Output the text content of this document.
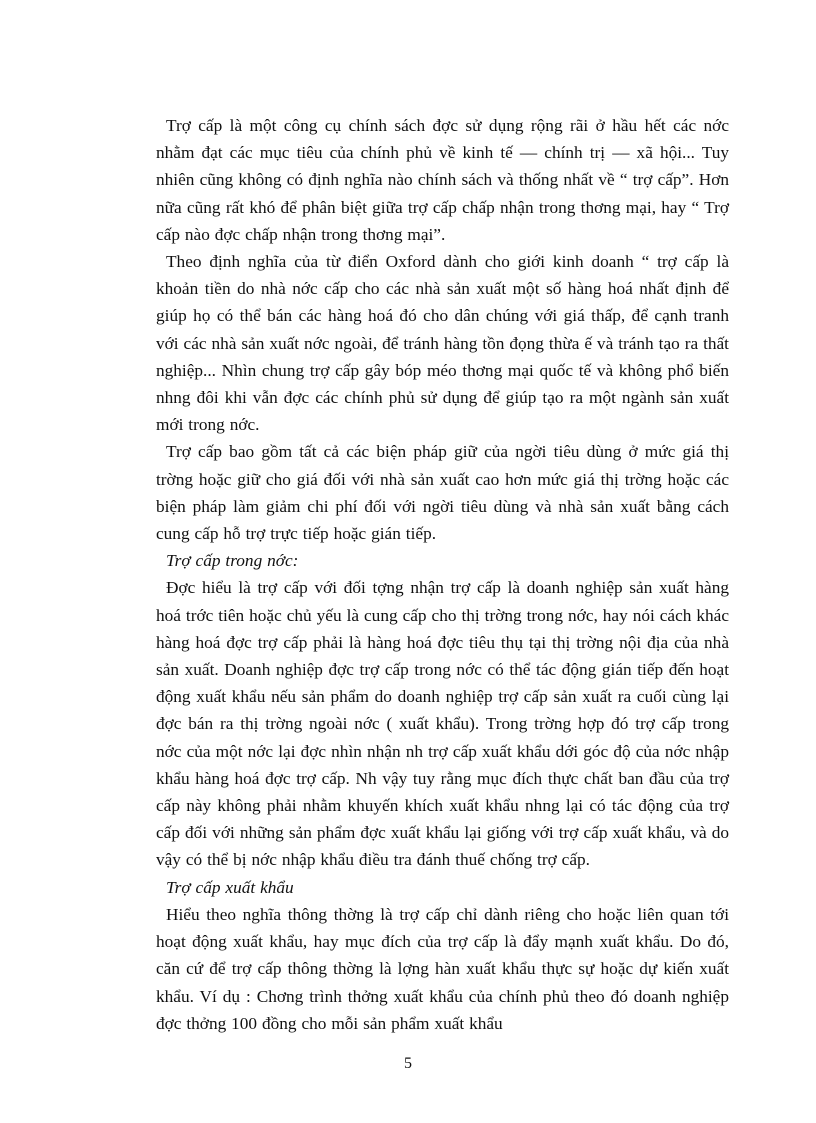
Trợ cấp là một công cụ chính sách đợc sử dụng rộng rãi ở hầu hết các nớc nhằm đạt các mục tiêu của chính phủ về kinh tế — chính trị — xã hội... Tuy nhiên cũng không có định nghĩa nào chính sách và thống nhất về “ trợ cấp”. Hơn nữa cũng rất khó để phân biệt giữa trợ cấp chấp nhận trong thơng mại, hay “ Trợ cấp nào đợc chấp nhận trong thơng mại”.

Theo định nghĩa của từ điển Oxford dành cho giới kinh doanh “ trợ cấp là khoản tiền do nhà nớc cấp cho các nhà sản xuất một số hàng hoá nhất định để giúp họ có thể bán các hàng hoá đó cho dân chúng với giá thấp, để cạnh tranh với các nhà sản xuất nớc ngoài, để tránh hàng tồn đọng thừa ế và tránh tạo ra thất nghiệp... Nhìn chung trợ cấp gây bóp méo thơng mại quốc tế và không phổ biến nhng đôi khi vẫn đợc các chính phủ sử dụng để giúp tạo ra một ngành sản xuất mới trong nớc.

Trợ cấp bao gồm tất cả các biện pháp giữ của ngời tiêu dùng ở mức giá thị trờng hoặc giữ cho giá đối với nhà sản xuất cao hơn mức giá thị trờng hoặc các biện pháp làm giảm chi phí đối với ngời tiêu dùng và nhà sản xuất bằng cách cung cấp hỗ trợ trực tiếp hoặc gián tiếp.

Trợ cấp trong nớc:

Đợc hiểu là trợ cấp với đối tợng nhận trợ cấp là doanh nghiệp sản xuất hàng hoá trớc tiên hoặc chủ yếu là cung cấp cho thị trờng trong nớc, hay nói cách khác hàng hoá đợc trợ cấp phải là hàng hoá đợc tiêu thụ tại thị trờng nội địa của nhà sản xuất. Doanh nghiệp đợc trợ cấp trong nớc có thể tác động gián tiếp đến hoạt động xuất khẩu nếu sản phẩm do doanh nghiệp trợ cấp sản xuất ra cuối cùng lại đợc bán ra thị trờng ngoài nớc ( xuất khẩu). Trong trờng hợp đó trợ cấp trong nớc của một nớc lại đợc nhìn nhận nh trợ cấp xuất khẩu dới góc độ của nớc nhập khẩu hàng hoá đợc trợ cấp. Nh vậy tuy rằng mục đích thực chất ban đầu của trợ cấp này không phải nhằm khuyến khích xuất khẩu nhng lại có tác động của trợ cấp đối với những sản phẩm đợc xuất khẩu lại giống với trợ cấp xuất khẩu, và do vậy có thể bị nớc nhập khẩu điều tra đánh thuế chống trợ cấp.

Trợ cấp xuất khẩu

Hiểu theo nghĩa thông thờng là trợ cấp chỉ dành riêng cho hoặc liên quan tới hoạt động xuất khẩu, hay mục đích của trợ cấp là đẩy mạnh xuất khẩu. Do đó, căn cứ để trợ cấp thông thờng là lợng hàn xuất khẩu thực sự hoặc dự kiến xuất khẩu. Ví dụ : Chơng trình thởng xuất khẩu của chính phủ theo đó doanh nghiệp đợc thởng 100 đồng cho mỗi sản phẩm xuất khẩu

5
